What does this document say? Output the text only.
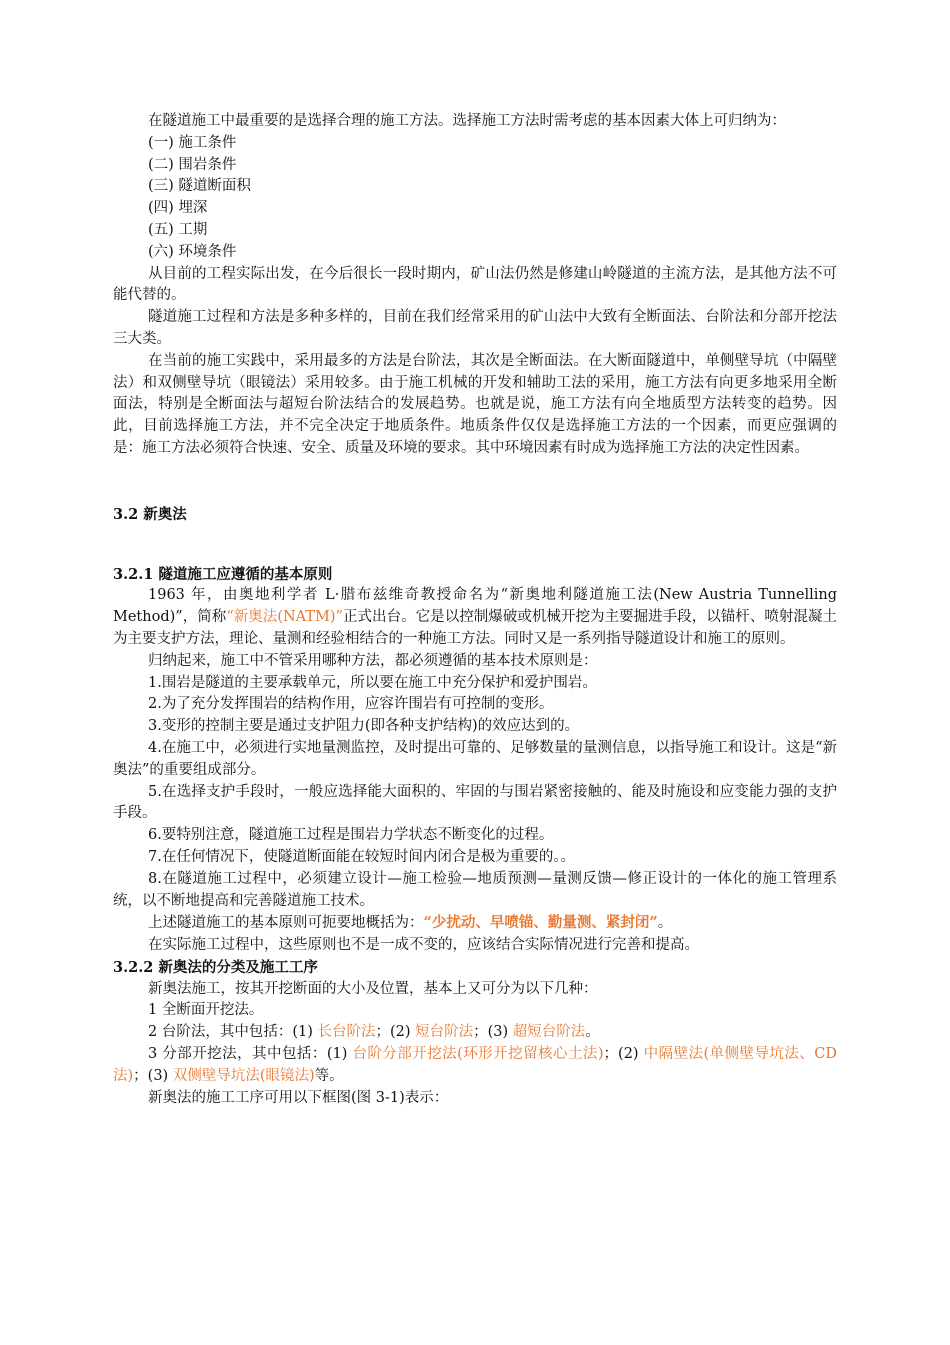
在隧道施工中最重要的是选择合理的施工方法。选择施工方法时需考虑的基本因素大体上可归纳为：

(一) 施工条件

(二) 围岩条件

(三) 隧道断面积

(四) 埋深

(五) 工期

(六) 环境条件

从目前的工程实际出发，在今后很长一段时期内，矿山法仍然是修建山岭隧道的主流方法，是其他方法不可能代替的。

隧道施工过程和方法是多种多样的，目前在我们经常采用的矿山法中大致有全断面法、台阶法和分部开挖法三大类。

在当前的施工实践中，采用最多的方法是台阶法，其次是全断面法。在大断面隧道中，单侧壁导坑（中隔壁法）和双侧壁导坑（眼镜法）采用较多。由于施工机械的开发和辅助工法的采用，施工方法有向更多地采用全断面法，特别是全断面法与超短台阶法结合的发展趋势。也就是说，施工方法有向全地质型方法转变的趋势。因此，目前选择施工方法，并不完全决定于地质条件。地质条件仅仅是选择施工方法的一个因素，而更应强调的是：施工方法必须符合快速、安全、质量及环境的要求。其中环境因素有时成为选择施工方法的决定性因素。

3.2 新奥法

3.2.1 隧道施工应遵循的基本原则

1963 年，由奥地利学者 L·腊布兹维奇教授命名为“新奥地利隧道施工法(New Austria Tunnelling Method)”，简称“新奥法(NATM)”正式出台。它是以控制爆破或机械开挖为主要掘进手段，以锚杆、喷射混凝土为主要支护方法，理论、量测和经验相结合的一种施工方法。同时又是一系列指导隧道设计和施工的原则。

归纳起来，施工中不管采用哪种方法，都必须遵循的基本技术原则是：

1.围岩是隧道的主要承载单元，所以要在施工中充分保护和爱护围岩。

2.为了充分发挥围岩的结构作用，应容许围岩有可控制的变形。

3.变形的控制主要是通过支护阻力(即各种支护结构)的效应达到的。

4.在施工中，必须进行实地量测监控，及时提出可靠的、足够数量的量测信息，以指导施工和设计。这是“新奥法”的重要组成部分。

5.在选择支护手段时，一般应选择能大面积的、牢固的与围岩紧密接触的、能及时施设和应变能力强的支护手段。

6.要特别注意，隧道施工过程是围岩力学状态不断变化的过程。

7.在任何情况下，使隧道断面能在较短时间内闭合是极为重要的。。

8.在隧道施工过程中，必须建立设计—施工检验—地质预测—量测反馈—修正设计的一体化的施工管理系统，以不断地提高和完善隧道施工技术。

上述隧道施工的基本原则可扼要地概括为：“少扰动、早喷锚、勤量测、紧封闭”。

在实际施工过程中，这些原则也不是一成不变的，应该结合实际情况进行完善和提高。

3.2.2 新奥法的分类及施工工序

新奥法施工，按其开挖断面的大小及位置，基本上又可分为以下几种：

1 全断面开挖法。

2 台阶法，其中包括：(1) 长台阶法；(2) 短台阶法；(3) 超短台阶法。

3 分部开挖法，其中包括：(1) 台阶分部开挖法(环形开挖留核心土法)；(2) 中隔壁法(单侧壁导坑法、CD 法)；(3) 双侧壁导坑法(眼镜法)等。

新奥法的施工工序可用以下框图(图 3-1)表示：
